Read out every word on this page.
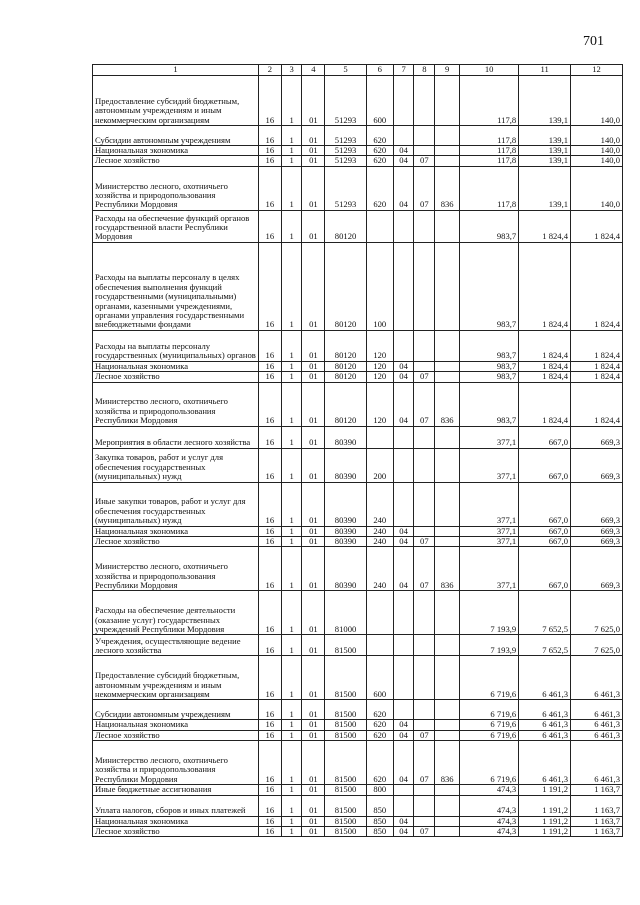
701
1	2	3	4	5	6	7	8	9	10	11	12
Предоставление субсидий бюджетным, автономным учреждениям и иным некоммерческим организациям	16	1	01	51293	600				117,8	139,1	140,0
Субсидии автономным учреждениям	16	1	01	51293	620				117,8	139,1	140,0
Национальная экономика	16	1	01	51293	620	04			117,8	139,1	140,0
Лесное хозяйство	16	1	01	51293	620	04	07		117,8	139,1	140,0
Министерство лесного, охотничьего хозяйства и природопользования Республики Мордовия	16	1	01	51293	620	04	07	836	117,8	139,1	140,0
Расходы на обеспечение функций органов государственной власти Республики Мордовия	16	1	01	80120					983,7	1 824,4	1 824,4
Расходы на выплаты персоналу в целях обеспечения выполнения функций государственными (муниципальными) органами, казенными учреждениями, органами управления государственными внебюджетными фондами	16	1	01	80120	100				983,7	1 824,4	1 824,4
Расходы на выплаты персоналу государственных (муниципальных) органов	16	1	01	80120	120				983,7	1 824,4	1 824,4
Национальная экономика	16	1	01	80120	120	04			983,7	1 824,4	1 824,4
Лесное хозяйство	16	1	01	80120	120	04	07		983,7	1 824,4	1 824,4
Министерство лесного, охотничьего хозяйства и природопользования Республики Мордовия	16	1	01	80120	120	04	07	836	983,7	1 824,4	1 824,4
Мероприятия в области лесного хозяйства	16	1	01	80390					377,1	667,0	669,3
Закупка товаров, работ и услуг для обеспечения государственных (муниципальных) нужд	16	1	01	80390	200				377,1	667,0	669,3
Иные закупки товаров, работ и услуг для обеспечения государственных (муниципальных) нужд	16	1	01	80390	240				377,1	667,0	669,3
Национальная экономика	16	1	01	80390	240	04			377,1	667,0	669,3
Лесное хозяйство	16	1	01	80390	240	04	07		377,1	667,0	669,3
Министерство лесного, охотничьего хозяйства и природопользования Республики Мордовия	16	1	01	80390	240	04	07	836	377,1	667,0	669,3
Расходы на обеспечение деятельности (оказание услуг) государственных учреждений Республики Мордовия	16	1	01	81000					7 193,9	7 652,5	7 625,0
Учреждения, осуществляющие ведение лесного хозяйства	16	1	01	81500					7 193,9	7 652,5	7 625,0
Предоставление субсидий бюджетным, автономным учреждениям и иным некоммерческим организациям	16	1	01	81500	600				6 719,6	6 461,3	6 461,3
Субсидии автономным учреждениям	16	1	01	81500	620				6 719,6	6 461,3	6 461,3
Национальная экономика	16	1	01	81500	620	04			6 719,6	6 461,3	6 461,3
Лесное хозяйство	16	1	01	81500	620	04	07		6 719,6	6 461,3	6 461,3
Министерство лесного, охотничьего хозяйства и природопользования Республики Мордовия	16	1	01	81500	620	04	07	836	6 719,6	6 461,3	6 461,3
Иные бюджетные ассигнования	16	1	01	81500	800				474,3	1 191,2	1 163,7
Уплата налогов, сборов и иных платежей	16	1	01	81500	850				474,3	1 191,2	1 163,7
Национальная экономика	16	1	01	81500	850	04			474,3	1 191,2	1 163,7
Лесное хозяйство	16	1	01	81500	850	04	07		474,3	1 191,2	1 163,7
